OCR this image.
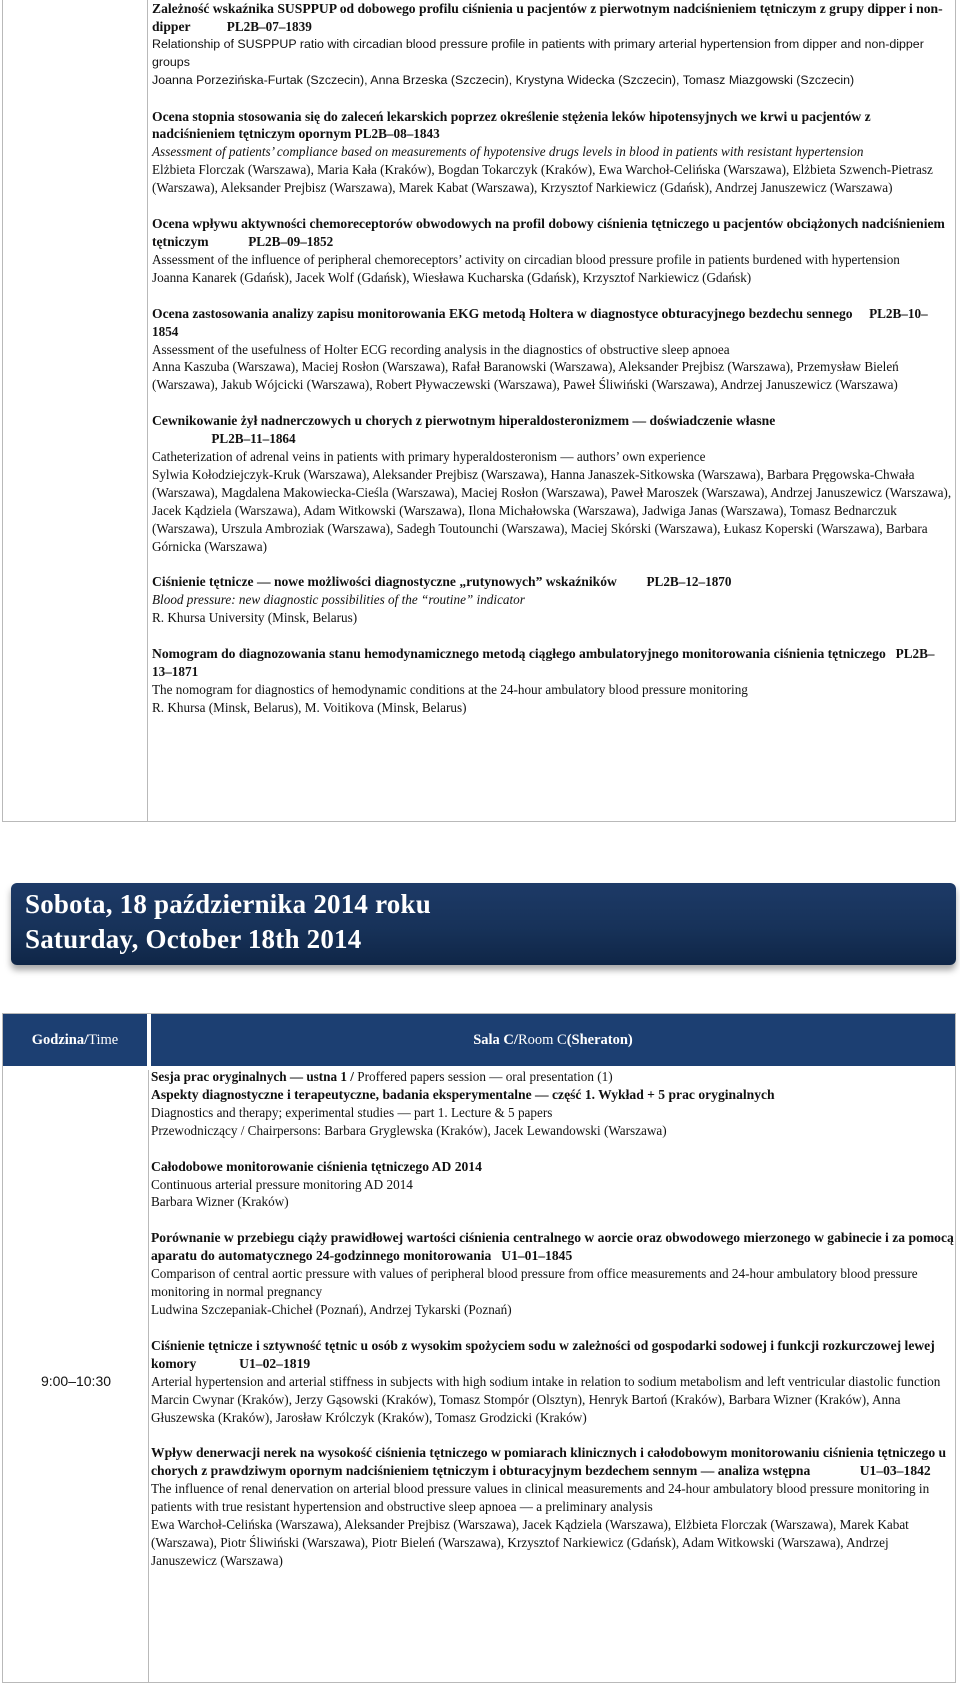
Zależność wskaźnika SUSPPUP od dobowego profilu ciśnienia u pacjentów z pierwotnym nadciśnieniem tętniczym z grupy dipper i non-dipper	PL2B–07–1839
Relationship of SUSPPUP ratio with circadian blood pressure profile in patients with primary arterial hypertension from dipper and non-dipper groups
Joanna Porzezińska-Furtak (Szczecin), Anna Brzeska (Szczecin), Krystyna Widecka (Szczecin), Tomasz Miazgowski (Szczecin)
Ocena stopnia stosowania się do zaleceń lekarskich poprzez określenie stężenia leków hipotensyjnych we krwi u pacjentów z nadciśnieniem tętniczym opornym PL2B–08–1843
Assessment of patients’ compliance based on measurements of hypotensive drugs levels in blood in patients with resistant hypertension
Elżbieta Florczak (Warszawa), Maria Kała (Kraków), Bogdan Tokarczyk (Kraków), Ewa Warchoł-Celińska (Warszawa), Elżbieta Szwench-Pietrasz (Warszawa), Aleksander Prejbisz (Warszawa), Marek Kabat (Warszawa), Krzysztof Narkiewicz (Gdańsk), Andrzej Januszewicz (Warszawa)
Ocena wpływu aktywności chemoreceptorów obwodowych na profil dobowy ciśnienia tętniczego u pacjentów obciążonych nadciśnieniem tętniczym	PL2B–09–1852
Assessment of the influence of peripheral chemoreceptors’ activity on circadian blood pressure profile in patients burdened with hypertension
Joanna Kanarek (Gdańsk), Jacek Wolf (Gdańsk), Wiesława Kucharska (Gdańsk), Krzysztof Narkiewicz (Gdańsk)
Ocena zastosowania analizy zapisu monitorowania EKG metodą Holtera w diagnostyce obturacyjnego bezdechu sennego PL2B–10–1854
Assessment of the usefulness of Holter ECG recording analysis in the diagnostics of obstructive sleep apnoea
Anna Kaszuba (Warszawa), Maciej Rosłon (Warszawa), Rafał Baranowski (Warszawa), Aleksander Prejbisz (Warszawa), Przemysław Bieleń (Warszawa), Jakub Wójcicki (Warszawa), Robert Pływaczewski (Warszawa), Paweł Śliwiński (Warszawa), Andrzej Januszewicz (Warszawa)
Cewnikowanie żył nadnerczowych u chorych z pierwotnym hiperaldosteronizmem — doświadczenie własne
PL2B–11–1864
Catheterization of adrenal veins in patients with primary hyperaldosteronism — authors’ own experience
Sylwia Kołodziejczyk-Kruk (Warszawa), Aleksander Prejbisz (Warszawa), Hanna Janaszek-Sitkowska (Warszawa), Barbara Pręgowska-Chwała (Warszawa), Magdalena Makowiecka-Cieśla (Warszawa), Maciej Rosłon (Warszawa), Paweł Maroszek (Warszawa), Andrzej Januszewicz (Warszawa), Jacek Kądziela (Warszawa), Adam Witkowski (Warszawa), Ilona Michałowska (Warszawa), Jadwiga Janas (Warszawa), Tomasz Bednarczuk (Warszawa), Urszula Ambroziak (Warszawa), Sadegh Toutounchi (Warszawa), Maciej Skórski (Warszawa), Łukasz Koperski (Warszawa), Barbara Górnicka (Warszawa)
Ciśnienie tętnicze — nowe możliwości diagnostyczne „rutynowych” wskaźników PL2B–12–1870
Blood pressure: new diagnostic possibilities of the “routine” indicator
R. Khursa University (Minsk, Belarus)
Nomogram do diagnozowania stanu hemodynamicznego metodą ciągłego ambulatoryjnego monitorowania ciśnienia tętniczego PL2B–13–1871
The nomogram for diagnostics of hemodynamic conditions at the 24-hour ambulatory blood pressure monitoring
R. Khursa (Minsk, Belarus), M. Voitikova (Minsk, Belarus)
Sobota, 18 października 2014 roku
Saturday, October 18th 2014
Godzina / Time	Sala C / Room C (Sheraton)
9:00–10:30
Sesja prac oryginalnych — ustna 1 / Proffered papers session — oral presentation (1)
Aspekty diagnostyczne i terapeutyczne, badania eksperymentalne — część 1. Wykład + 5 prac oryginalnych
Diagnostics and therapy; experimental studies — part 1. Lecture & 5 papers
Przewodniczący / Chairpersons: Barbara Gryglewska (Kraków), Jacek Lewandowski (Warszawa)
Całodobowe monitorowanie ciśnienia tętniczego AD 2014
Continuous arterial pressure monitoring AD 2014
Barbara Wizner (Kraków)
Porównanie w przebiegu ciąży prawidłowej wartości ciśnienia centralnego w aorcie oraz obwodowego mierzonego w gabinecie i za pomocą aparatu do automatycznego 24-godzinnego monitorowania U1–01–1845
Comparison of central aortic pressure with values of peripheral blood pressure from office measurements and 24-hour ambulatory blood pressure monitoring in normal pregnancy
Ludwina Szczepaniak-Chicheł (Poznań), Andrzej Tykarski (Poznań)
Ciśnienie tętnicze i sztywność tętnic u osób z wysokim spożyciem sodu w zależności od gospodarki sodowej i funkcji rozkurczowej lewej komory	U1–02–1819
Arterial hypertension and arterial stiffness in subjects with high sodium intake in relation to sodium metabolism and left ventricular diastolic function
Marcin Cwynar (Kraków), Jerzy Gąsowski (Kraków), Tomasz Stompór (Olsztyn), Henryk Bartoń (Kraków), Barbara Wizner (Kraków), Anna Głuszewska (Kraków), Jarosław Królczyk (Kraków), Tomasz Grodzicki (Kraków)
Wpływ denerwacji nerek na wysokość ciśnienia tętniczego w pomiarach klinicznych i całodobowym monitorowaniu ciśnienia tętniczego u chorych z prawdziwym opornym nadciśnieniem tętniczym i obturacyjnym bezdechem sennym — analiza wstępna	U1–03–1842
The influence of renal denervation on arterial blood pressure values in clinical measurements and 24-hour ambulatory blood pressure monitoring in patients with true resistant hypertension and obstructive sleep apnoea — a preliminary analysis
Ewa Warchoł-Celińska (Warszawa), Aleksander Prejbisz (Warszawa), Jacek Kądziela (Warszawa), Elżbieta Florczak (Warszawa), Marek Kabat (Warszawa), Piotr Śliwiński (Warszawa), Piotr Bieleń (Warszawa), Krzysztof Narkiewicz (Gdańsk), Adam Witkowski (Warszawa), Andrzej Januszewicz (Warszawa)
